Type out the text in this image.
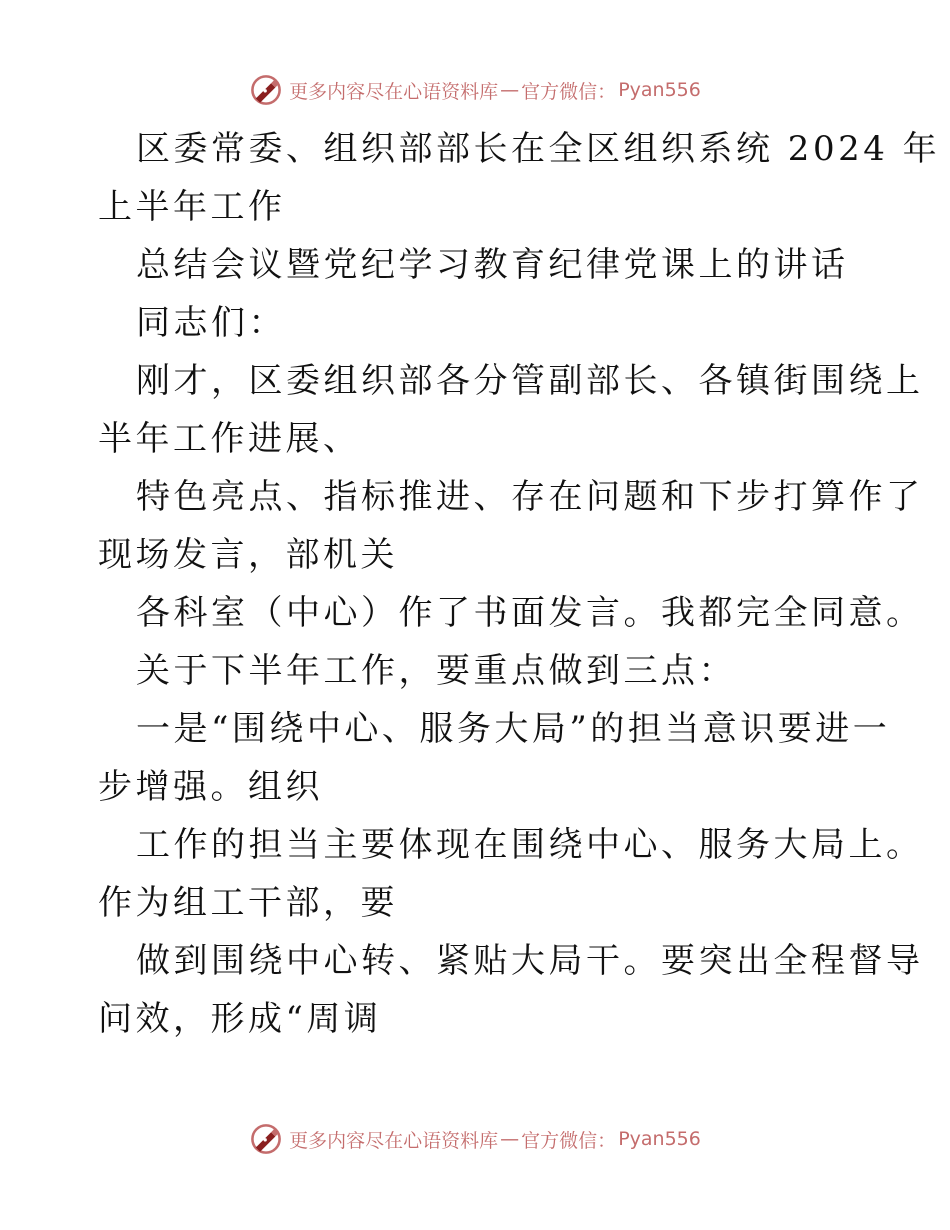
更多内容尽在心语资料库 — 官方微信： Pyan556
区委常委、组织部部长在全区组织系统 2024 年
上半年工作
总结会议暨党纪学习教育纪律党课上的讲话
同志们：
刚才，区委组织部各分管副部长、各镇街围绕上
半年工作进展、
特色亮点、指标推进、存在问题和下步打算作了
现场发言，部机关
各科室（中心）作了书面发言。我都完全同意。
关于下半年工作，要重点做到三点：
一是“围绕中心、服务大局”的担当意识要进一
步增强。组织
工作的担当主要体现在围绕中心、服务大局上。
作为组工干部，要
做到围绕中心转、紧贴大局干。要突出全程督导
问效，形成“周调
更多内容尽在心语资料库 — 官方微信： Pyan556
